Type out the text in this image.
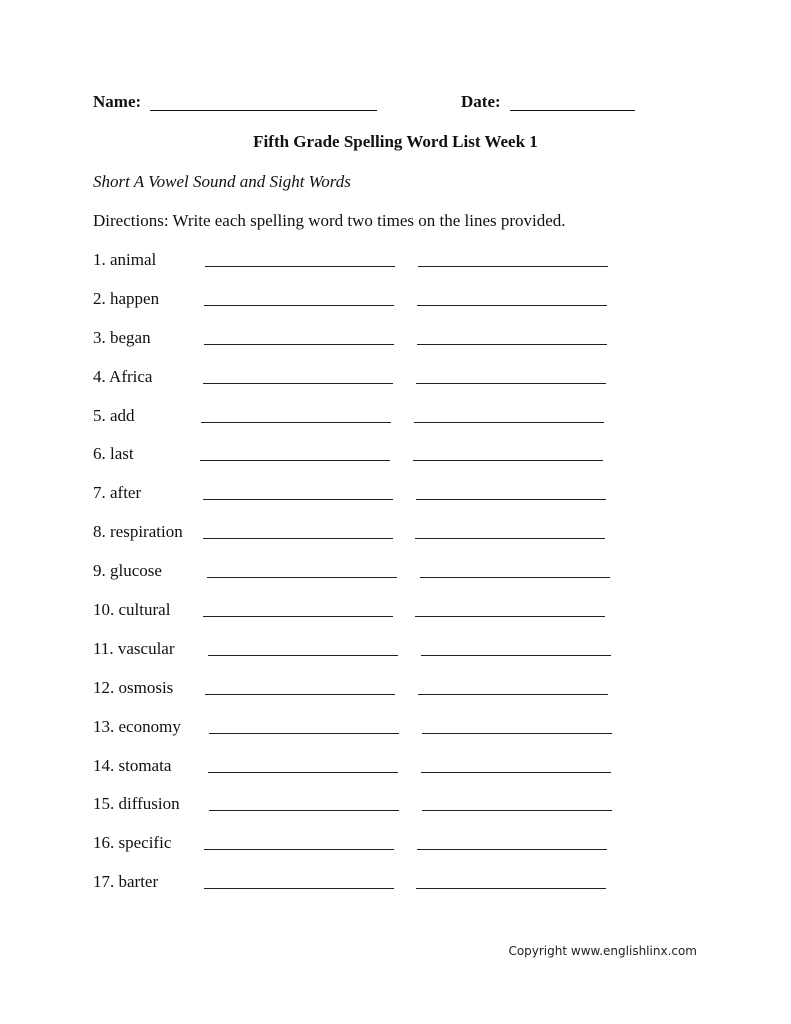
Name:	Date:
Fifth Grade Spelling Word List Week 1
Short A Vowel Sound and Sight Words
Directions: Write each spelling word two times on the lines provided.
1. animal
2. happen
3. began
4. Africa
5. add
6. last
7. after
8. respiration
9. glucose
10. cultural
11. vascular
12. osmosis
13. economy
14. stomata
15. diffusion
16. specific
17. barter
Copyright www.englishlinx.com
